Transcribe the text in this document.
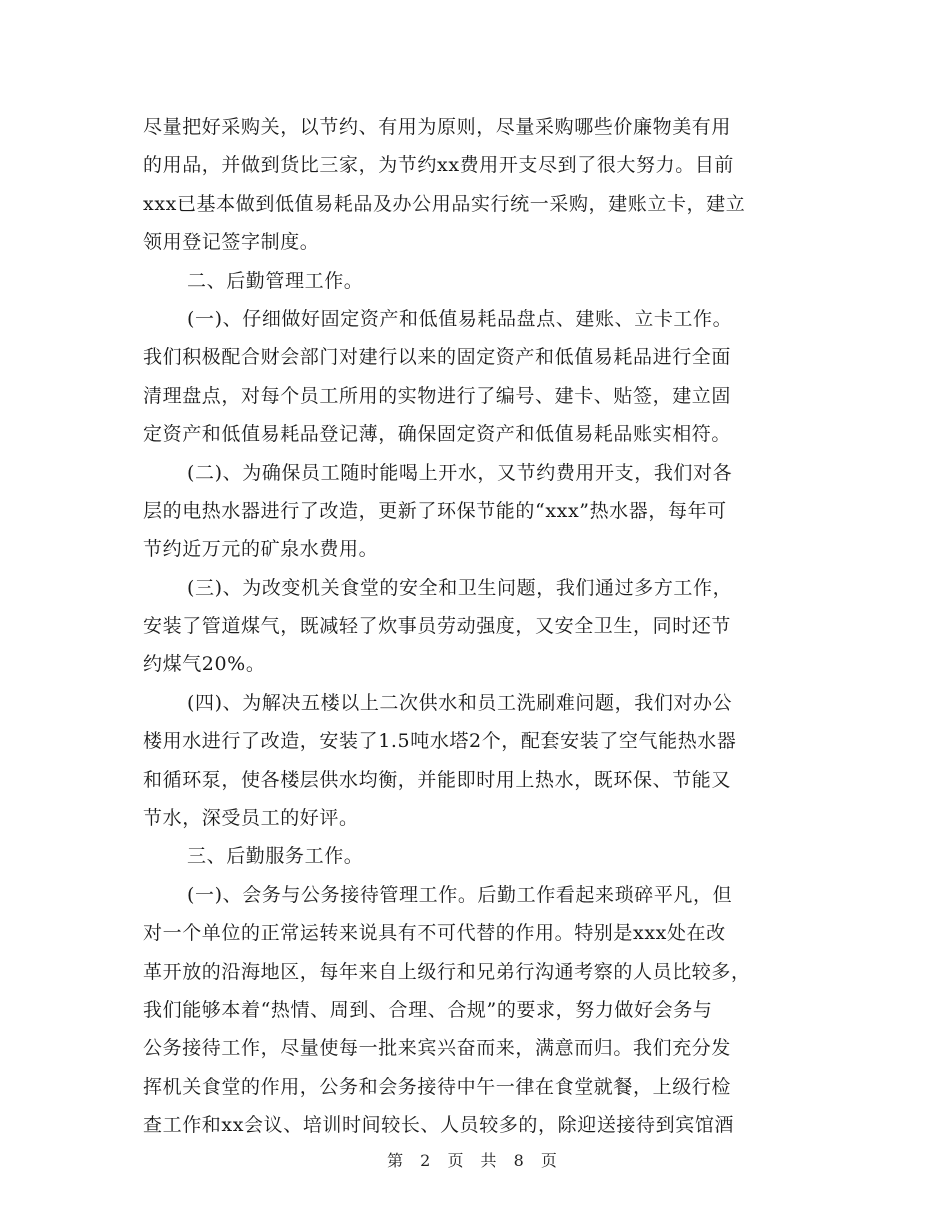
尽量把好采购关，以节约、有用为原则，尽量采购哪些价廉物美有用
的用品，并做到货比三家，为节约xx费用开支尽到了很大努力。目前
xxx已基本做到低值易耗品及办公用品实行统一采购，建账立卡，建立
领用登记签字制度。
二、后勤管理工作。
(一)、仔细做好固定资产和低值易耗品盘点、建账、立卡工作。
我们积极配合财会部门对建行以来的固定资产和低值易耗品进行全面
清理盘点，对每个员工所用的实物进行了编号、建卡、贴签，建立固
定资产和低值易耗品登记薄，确保固定资产和低值易耗品账实相符。
(二)、为确保员工随时能喝上开水，又节约费用开支，我们对各
层的电热水器进行了改造，更新了环保节能的“xxx”热水器，每年可
节约近万元的矿泉水费用。
(三)、为改变机关食堂的安全和卫生问题，我们通过多方工作，
安装了管道煤气，既减轻了炊事员劳动强度，又安全卫生，同时还节
约煤气20%。
(四)、为解决五楼以上二次供水和员工洗刷难问题，我们对办公
楼用水进行了改造，安装了1.5吨水塔2个，配套安装了空气能热水器
和循环泵，使各楼层供水均衡，并能即时用上热水，既环保、节能又
节水，深受员工的好评。
三、后勤服务工作。
(一)、会务与公务接待管理工作。后勤工作看起来琐碎平凡，但
对一个单位的正常运转来说具有不可代替的作用。特别是xxx处在改
革开放的沿海地区，每年来自上级行和兄弟行沟通考察的人员比较多，
我们能够本着“热情、周到、合理、合规”的要求，努力做好会务与
公务接待工作，尽量使每一批来宾兴奋而来，满意而归。我们充分发
挥机关食堂的作用，公务和会务接待中午一律在食堂就餐，上级行检
查工作和xx会议、培训时间较长、人员较多的，除迎送接待到宾馆酒
第 2 页 共 8 页
